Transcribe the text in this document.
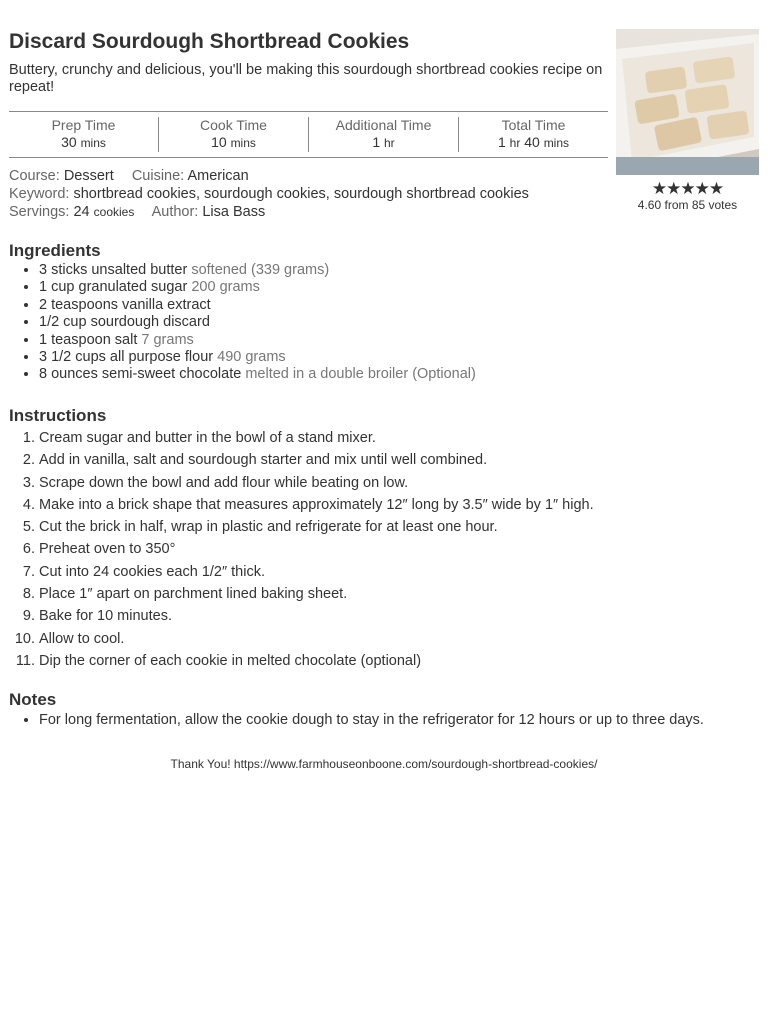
Discard Sourdough Shortbread Cookies
Buttery, crunchy and delicious, you'll be making this sourdough shortbread cookies recipe on repeat!
★★★★★
4.60 from 85 votes
Prep Time
30 mins
Cook Time
10 mins
Additional Time
1 hr
Total Time
1 hr 40 mins
Course: Dessert Cuisine: American
Keyword: shortbread cookies, sourdough cookies, sourdough shortbread cookies
Servings: 24 cookies Author: Lisa Bass
Ingredients
• 3 sticks unsalted butter softened (339 grams)
• 1 cup granulated sugar 200 grams
• 2 teaspoons vanilla extract
• 1/2 cup sourdough discard
• 1 teaspoon salt 7 grams
• 3 1/2 cups all purpose flour 490 grams
• 8 ounces semi-sweet chocolate melted in a double broiler (Optional)
Instructions
1. Cream sugar and butter in the bowl of a stand mixer.
2. Add in vanilla, salt and sourdough starter and mix until well combined.
3. Scrape down the bowl and add flour while beating on low.
4. Make into a brick shape that measures approximately 12″ long by 3.5″ wide by 1″ high.
5. Cut the brick in half, wrap in plastic and refrigerate for at least one hour.
6. Preheat oven to 350°
7. Cut into 24 cookies each 1/2″ thick.
8. Place 1″ apart on parchment lined baking sheet.
9. Bake for 10 minutes.
10. Allow to cool.
11. Dip the corner of each cookie in melted chocolate (optional)
Notes
• For long fermentation, allow the cookie dough to stay in the refrigerator for 12 hours or up to three days.
Thank You! https://www.farmhouseonboone.com/sourdough-shortbread-cookies/
